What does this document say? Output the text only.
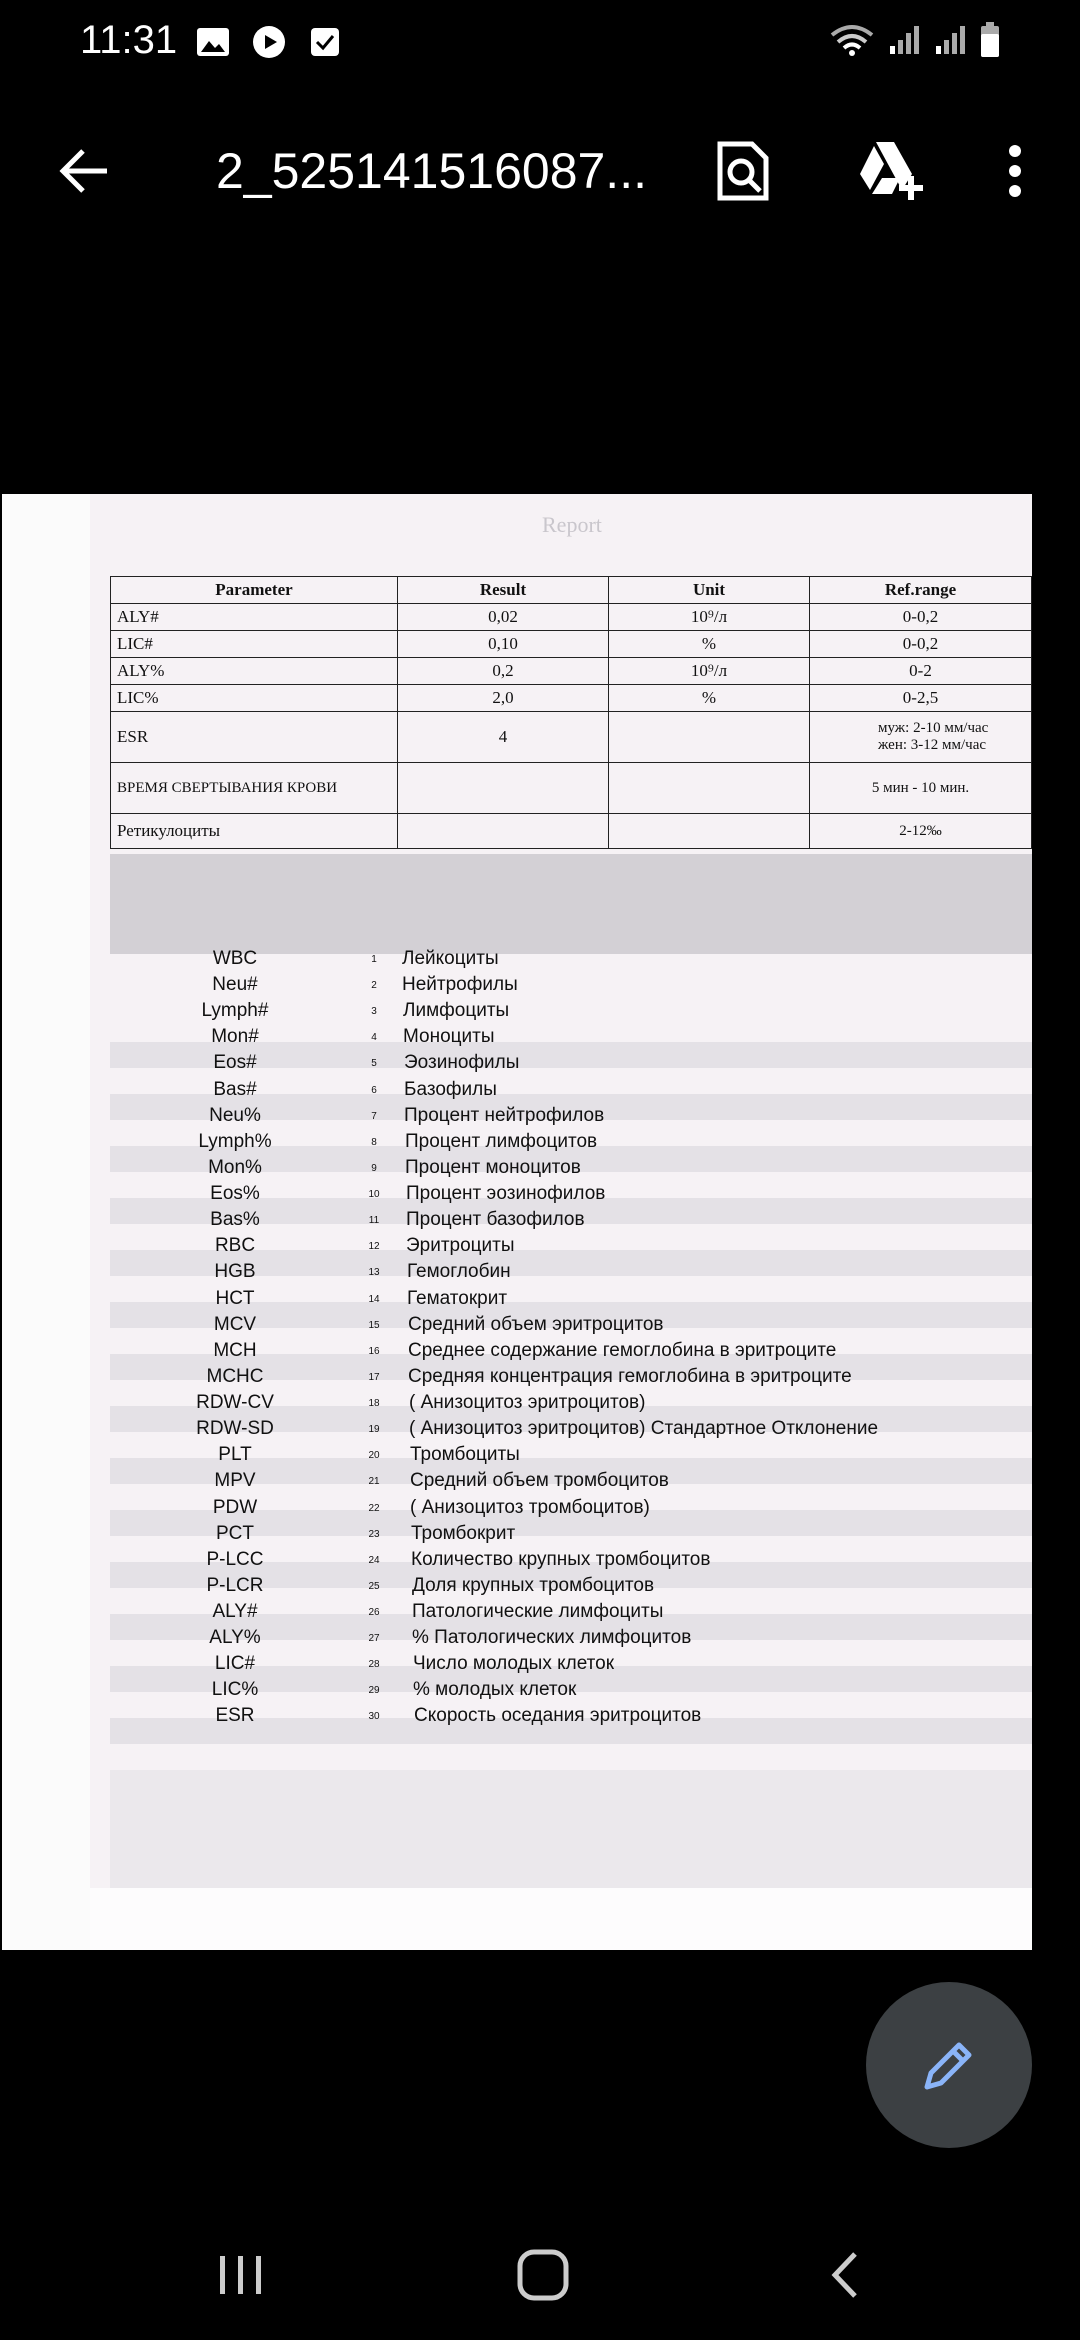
11:31
2_525141516087...
Report
Parameter	Result	Unit	Ref.range
ALY#	0,02	10⁹/л	0-0,2
LIC#	0,10	%	0-0,2
ALY%	0,2	10⁹/л	0-2
LIC%	2,0	%	0-2,5
ESR	4		муж: 2-10 мм/час
жен: 3-12 мм/час
ВРЕМЯ СВЕРТЫВАНИЯ КРОВИ			5 мин - 10 мин.
Ретикулоциты			2-12‰
WBC	1	Лейкоциты
Neu#	2	Нейтрофилы
Lymph#	3	Лимфоциты
Mon#	4	Моноциты
Eos#	5	Эозинофилы
Bas#	6	Базофилы
Neu%	7	Процент нейтрофилов
Lymph%	8	Процент лимфоцитов
Mon%	9	Процент моноцитов
Eos%	10	Процент эозинофилов
Bas%	11	Процент базофилов
RBC	12	Эритроциты
HGB	13	Гемоглобин
HCT	14	Гематокрит
MCV	15	Средний объем эритроцитов
MCH	16	Среднее содержание гемоглобина в эритроците
MCHC	17	Средняя концентрация гемоглобина в эритроците
RDW-CV	18	( Анизоцитоз эритроцитов)
RDW-SD	19	( Анизоцитоз эритроцитов) Стандартное Отклонение
PLT	20	Тромбоциты
MPV	21	Средний объем тромбоцитов
PDW	22	( Анизоцитоз тромбоцитов)
PCT	23	Тромбокрит
P-LCC	24	Количество крупных тромбоцитов
P-LCR	25	Доля крупных тромбоцитов
ALY#	26	Патологические лимфоциты
ALY%	27	% Патологических лимфоцитов
LIC#	28	Число молодых клеток
LIC%	29	% молодых клеток
ESR	30	Скорость оседания эритроцитов
